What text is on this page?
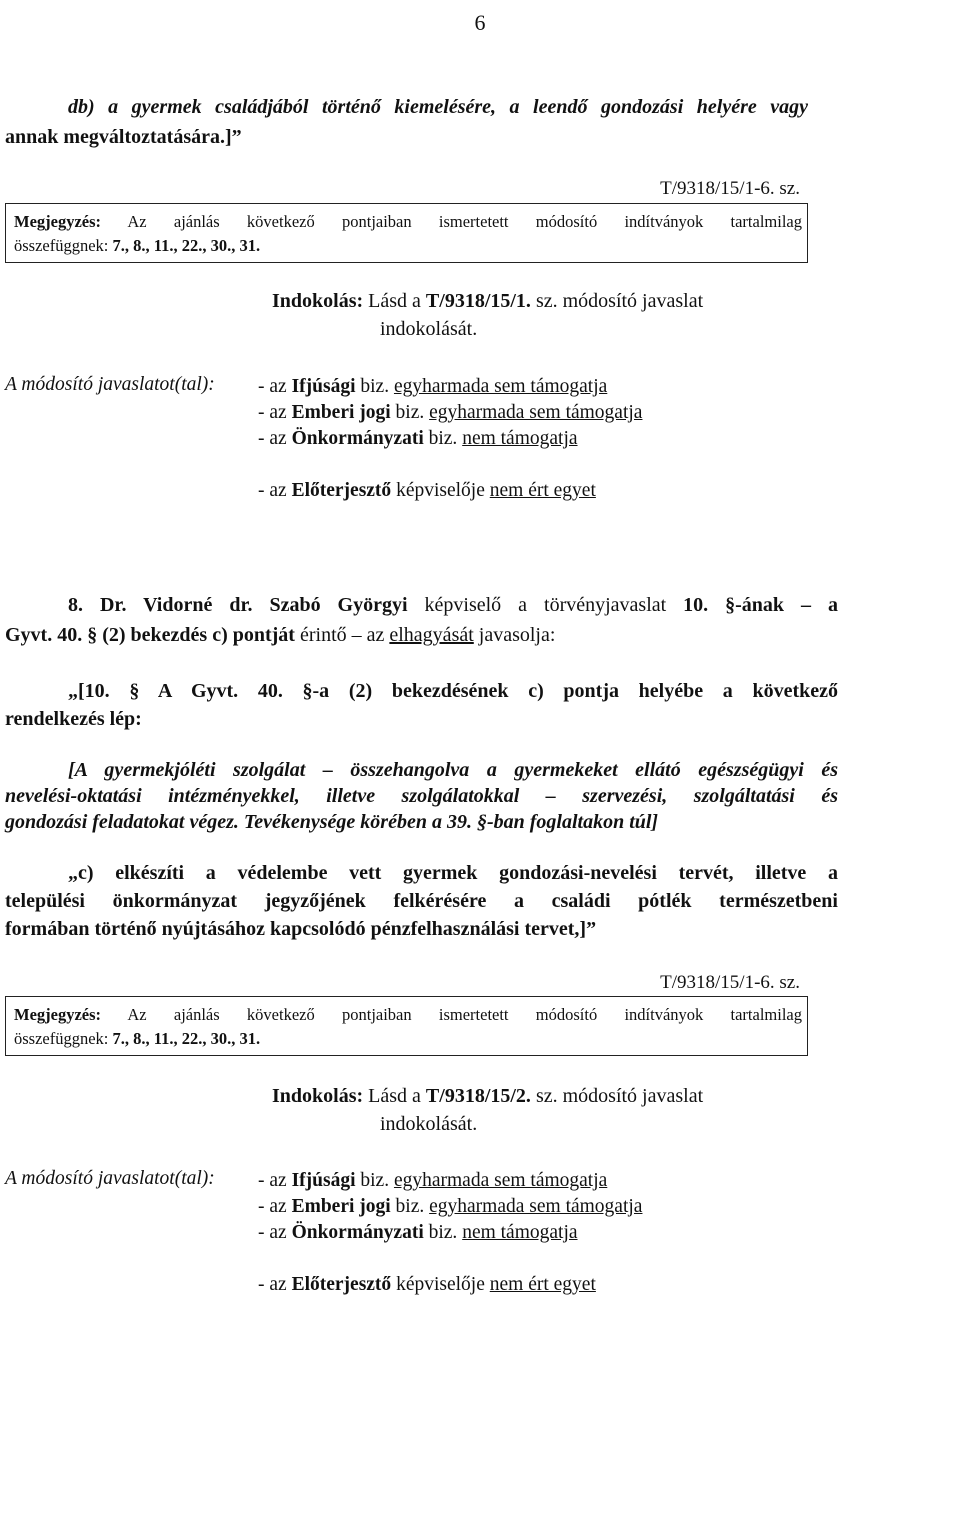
6
db) a gyermek családjából történő kiemelésére, a leendő gondozási helyére vagy
annak megváltoztatására.]”
T/9318/15/1-6. sz.
Megjegyzés: Az ajánlás következő pontjaiban ismertetett módosító indítványok tartalmilag
összefüggnek: 7., 8., 11., 22., 30., 31.
Indokolás: Lásd a T/9318/15/1. sz. módosító javaslat
indokolását.
A módosító javaslatot(tal): - az Ifjúsági biz. egyharmada sem támogatja
- az Emberi jogi biz. egyharmada sem támogatja
- az Önkormányzati biz. nem támogatja
- az Előterjesztő képviselője nem ért egyet
8. Dr. Vidorné dr. Szabó Györgyi képviselő a törvényjavaslat 10. §-ának – a
Gyvt. 40. § (2) bekezdés c) pontját érintő – az elhagyását javasolja:
„[10. § A Gyvt. 40. §-a (2) bekezdésének c) pontja helyébe a következő
rendelkezés lép:
[A gyermekjóléti szolgálat – összehangolva a gyermekeket ellátó egészségügyi és
nevelési-oktatási intézményekkel, illetve szolgálatokkal – szervezési, szolgáltatási és
gondozási feladatokat végez. Tevékenysége körében a 39. §-ban foglaltakon túl]
„c) elkészíti a védelembe vett gyermek gondozási-nevelési tervét, illetve a
települési önkormányzat jegyzőjének felkérésére a családi pótlék természetbeni
formában történő nyújtásához kapcsolódó pénzfelhasználási tervet,]”
T/9318/15/1-6. sz.
Megjegyzés: Az ajánlás következő pontjaiban ismertetett módosító indítványok tartalmilag
összefüggnek: 7., 8., 11., 22., 30., 31.
Indokolás: Lásd a T/9318/15/2. sz. módosító javaslat
indokolását.
A módosító javaslatot(tal): - az Ifjúsági biz. egyharmada sem támogatja
- az Emberi jogi biz. egyharmada sem támogatja
- az Önkormányzati biz. nem támogatja
- az Előterjesztő képviselője nem ért egyet
